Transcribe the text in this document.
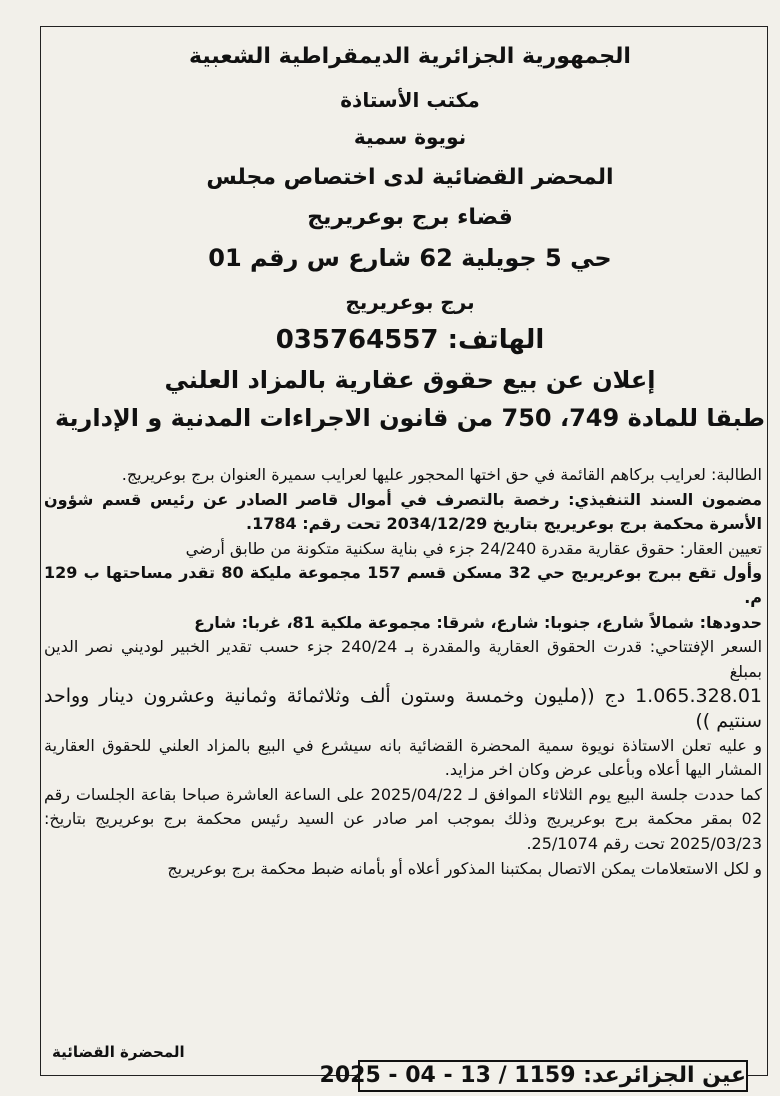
الجمهورية الجزائرية الديمقراطية الشعبية
مكتب الأستاذة
نويوة سمية
المحضر القضائية لدى اختصاص مجلس
قضاء برج بوعريريج
حي 5 جويلية 62 شارع س رقم 01
برج بوعريريج
الهاتف: 035764557
إعلان عن بيع حقوق عقارية بالمزاد العلني
طبقا للمادة 749، 750 من قانون الاجراءات المدنية و الإدارية

الطالبة: لعرايب بركاهم القائمة في حق اختها المحجور عليها لعرايب سميرة العنوان برج بوعريريج.

مضمون السند التنفيذي: رخصة بالتصرف في أموال قاصر الصادر عن رئيس قسم شؤون الأسرة محكمة برج بوعريريج بتاريخ 2034/12/29 تحت رقم: 1784.

تعيين العقار: حقوق عقارية مقدرة 24/240 جزء في بناية سكنية متكونة من طابق أرضي

وأول تقع ببرج بوعريريج حي 32 مسكن قسم 157 مجموعة مليكة 80 تقدر مساحتها ب 129 م.

حدودها: شمالاً شارع، جنوبا: شارع، شرقا: مجموعة ملكية 81، غربا: شارع

السعر الإفتتاحي: قدرت الحقوق العقارية والمقدرة بـ 240/24 جزء حسب تقدير الخبير لوديني نصر الدين بمبلغ

1.065.328.01 دج ((مليون وخمسة وستون ألف وثلاثمائة وثمانية وعشرون دينار وواحد سنتيم ))

و عليه تعلن الاستاذة نويوة سمية المحضرة القضائية بانه سيشرع في البيع بالمزاد العلني للحقوق العقارية المشار اليها أعلاه وبأعلى عرض وكان اخر مزايد.

كما حددت جلسة البيع يوم الثلاثاء الموافق لـ 2025/04/22 على الساعة العاشرة صباحا بقاعة الجلسات رقم 02 بمقر محكمة برج بوعريريج وذلك بموجب امر صادر عن السيد رئيس محكمة برج بوعريريج بتاريخ: 2025/03/23 تحت رقم 25/1074.

و لكل الاستعلامات يمكن الاتصال بمكتبنا المذكور أعلاه أو بأمانه ضبط محكمة برج بوعريريج

المحضرة القضائية
عين الجزائرعد: 1159 / 13 - 04 - 2025
